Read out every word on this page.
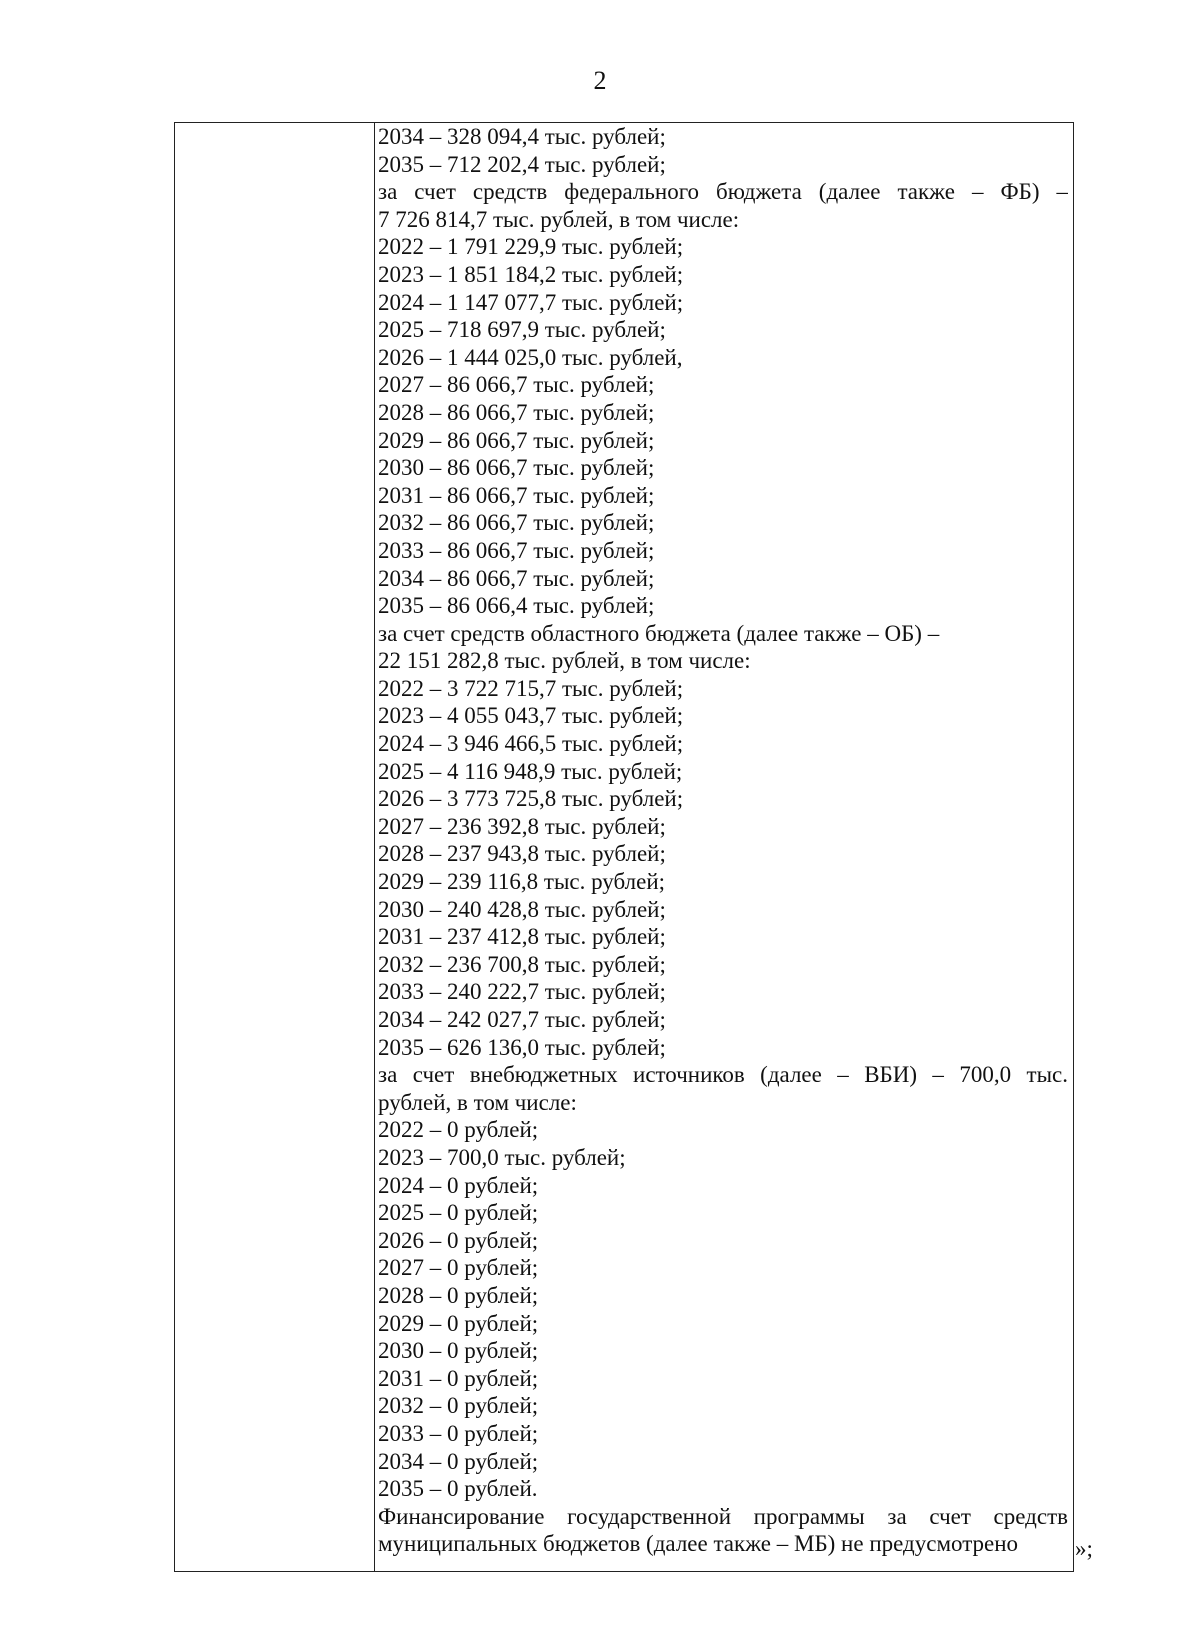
2
2034 – 328 094,4 тыс. рублей;
2035 – 712 202,4 тыс. рублей;
за счет средств федерального бюджета (далее также – ФБ) –
7 726 814,7 тыс. рублей, в том числе:
2022 – 1 791 229,9 тыс. рублей;
2023 – 1 851 184,2 тыс. рублей;
2024 – 1 147 077,7 тыс. рублей;
2025 – 718 697,9 тыс. рублей;
2026 – 1 444 025,0 тыс. рублей,
2027 – 86 066,7 тыс. рублей;
2028 – 86 066,7 тыс. рублей;
2029 – 86 066,7 тыс. рублей;
2030 – 86 066,7 тыс. рублей;
2031 – 86 066,7 тыс. рублей;
2032 – 86 066,7 тыс. рублей;
2033 – 86 066,7 тыс. рублей;
2034 – 86 066,7 тыс. рублей;
2035 – 86 066,4 тыс. рублей;
за счет средств областного бюджета (далее также – ОБ) –
22 151 282,8 тыс. рублей, в том числе:
2022 – 3 722 715,7 тыс. рублей;
2023 – 4 055 043,7 тыс. рублей;
2024 – 3 946 466,5 тыс. рублей;
2025 – 4 116 948,9 тыс. рублей;
2026 – 3 773 725,8 тыс. рублей;
2027 – 236 392,8 тыс. рублей;
2028 – 237 943,8 тыс. рублей;
2029 – 239 116,8 тыс. рублей;
2030 – 240 428,8 тыс. рублей;
2031 – 237 412,8 тыс. рублей;
2032 – 236 700,8 тыс. рублей;
2033 – 240 222,7 тыс. рублей;
2034 – 242 027,7 тыс. рублей;
2035 – 626 136,0 тыс. рублей;
за счет внебюджетных источников (далее – ВБИ) – 700,0 тыс.
рублей, в том числе:
2022 – 0 рублей;
2023 – 700,0 тыс. рублей;
2024 – 0 рублей;
2025 – 0 рублей;
2026 – 0 рублей;
2027 – 0 рублей;
2028 – 0 рублей;
2029 – 0 рублей;
2030 – 0 рублей;
2031 – 0 рублей;
2032 – 0 рублей;
2033 – 0 рублей;
2034 – 0 рублей;
2035 – 0 рублей.
Финансирование государственной программы за счет средств
муниципальных бюджетов (далее также – МБ) не предусмотрено	»;
